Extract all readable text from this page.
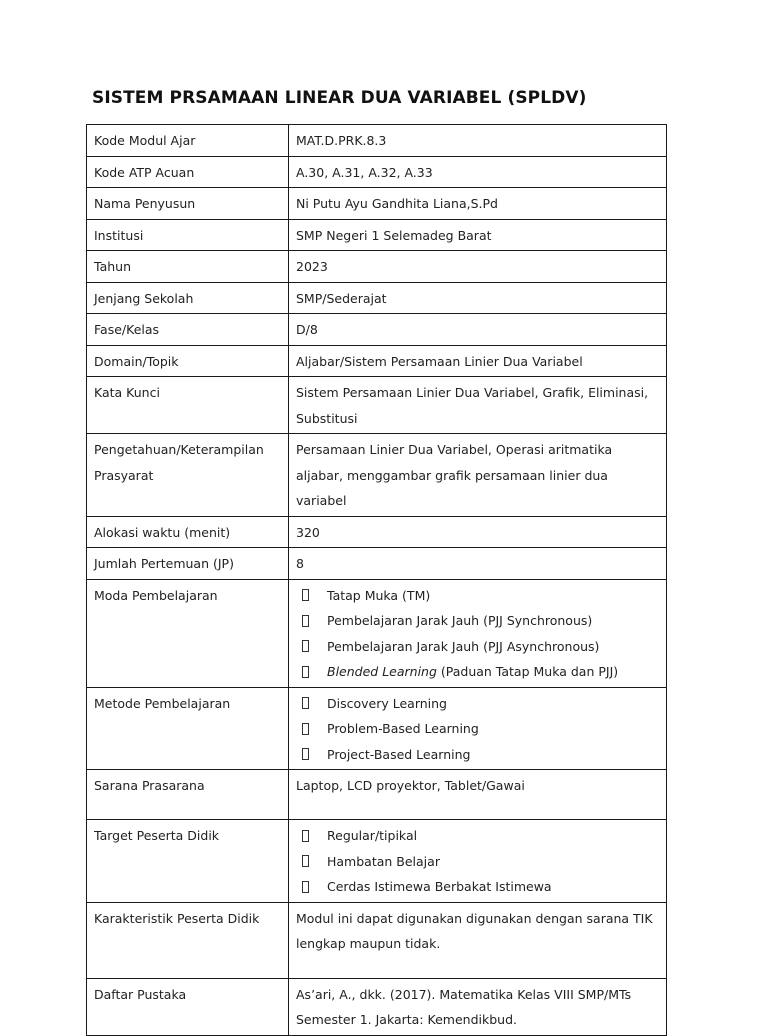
SISTEM PRSAMAAN LINEAR DUA VARIABEL (SPLDV)
Kode Modul Ajar	MAT.D.PRK.8.3
Kode ATP Acuan	A.30, A.31, A.32, A.33
Nama Penyusun	Ni Putu Ayu Gandhita Liana,S.Pd
Institusi	SMP Negeri 1 Selemadeg Barat
Tahun	2023
Jenjang Sekolah	SMP/Sederajat
Fase/Kelas	D/8
Domain/Topik	Aljabar/Sistem Persamaan Linier Dua Variabel
Kata Kunci	Sistem Persamaan Linier Dua Variabel, Grafik, Eliminasi, Substitusi
Pengetahuan/Keterampilan Prasyarat	Persamaan Linier Dua Variabel, Operasi aritmatika aljabar, menggambar grafik persamaan linier dua variabel
Alokasi waktu (menit)	320
Jumlah Pertemuan (JP)	8
Moda Pembelajaran	Tatap Muka (TM)
Pembelajaran Jarak Jauh (PJJ Synchronous)
Pembelajaran Jarak Jauh (PJJ Asynchronous)
Blended Learning (Paduan Tatap Muka dan PJJ)

Metode Pembelajaran	Discovery Learning
Problem-Based Learning
Project-Based Learning

Sarana Prasarana	Laptop, LCD proyektor, Tablet/Gawai
Target Peserta Didik	Regular/tipikal
Hambatan Belajar
Cerdas Istimewa Berbakat Istimewa

Karakteristik Peserta Didik	Modul ini dapat digunakan digunakan dengan sarana TIK lengkap maupun tidak.
Daftar Pustaka	As’ari, A., dkk. (2017). Matematika Kelas VIII SMP/MTs Semester 1. Jakarta: Kemendikbud.
